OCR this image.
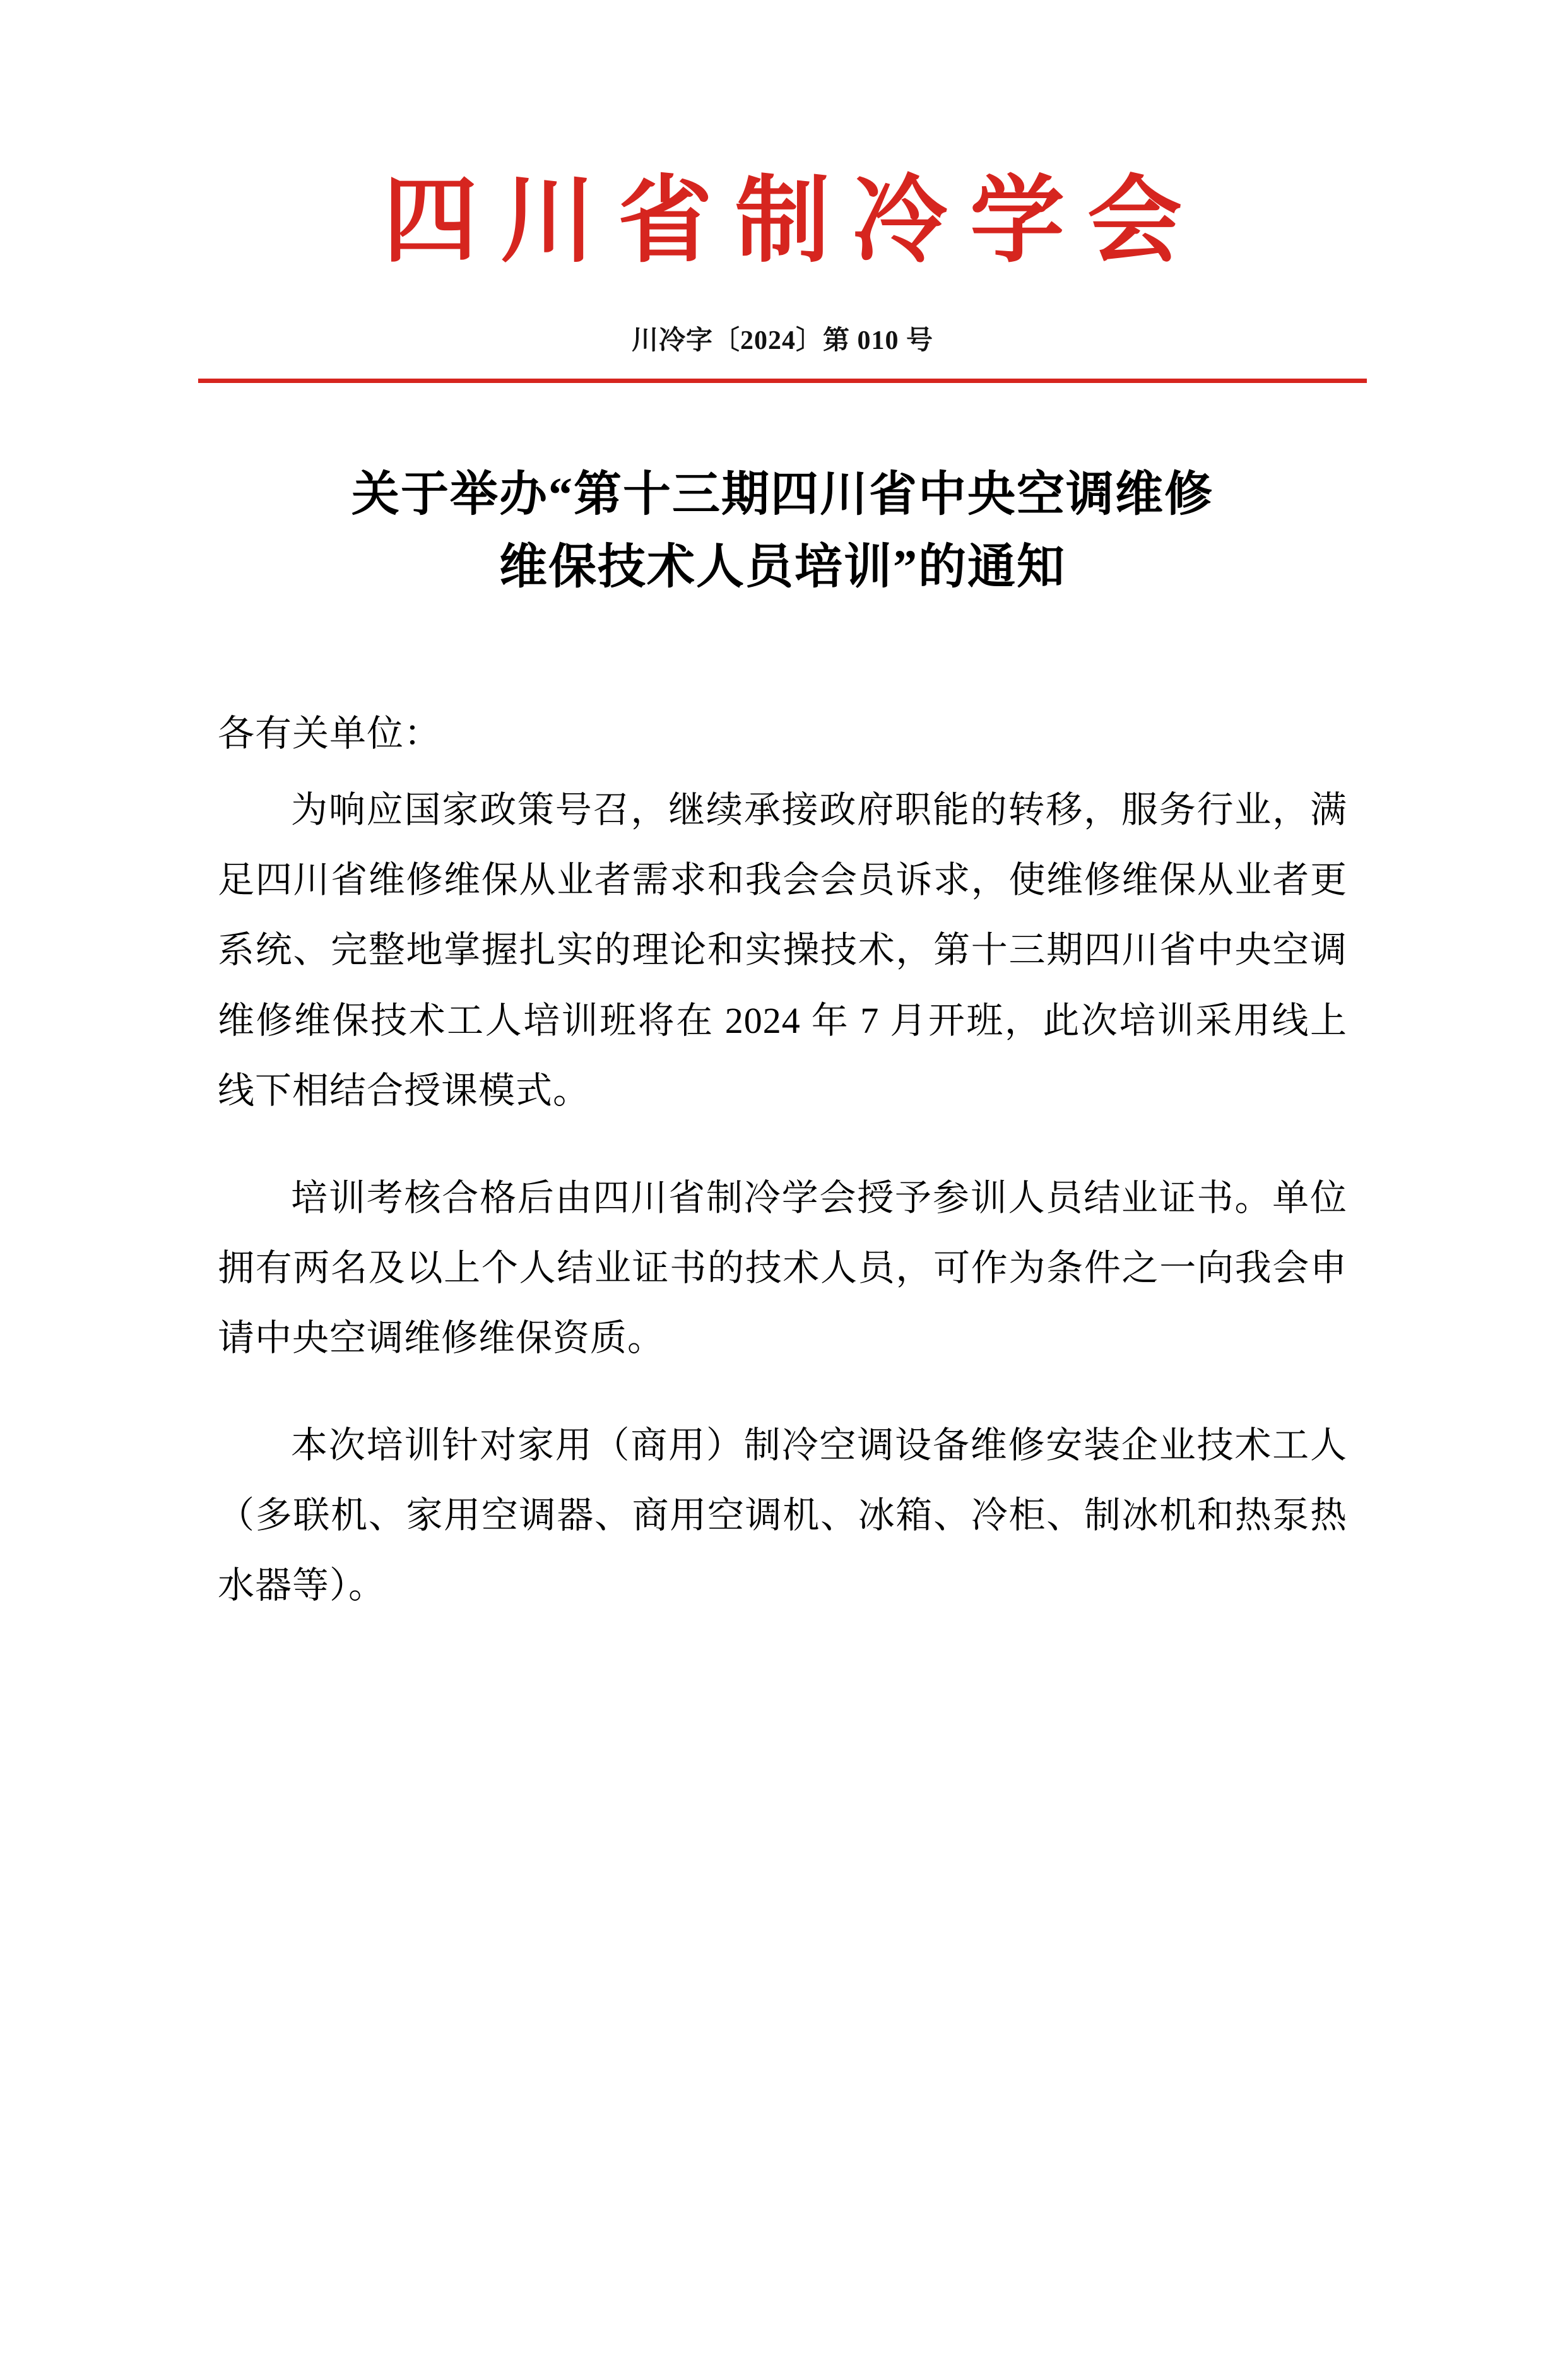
四川省制冷学会
川冷字〔2024〕第 010 号
关于举办“第十三期四川省中央空调维修
维保技术人员培训”的通知
各有关单位：

为响应国家政策号召，继续承接政府职能的转移，服务行业，满足四川省维修维保从业者需求和我会会员诉求，使维修维保从业者更系统、完整地掌握扎实的理论和实操技术，第十三期四川省中央空调维修维保技术工人培训班将在 2024 年 7 月开班，此次培训采用线上线下相结合授课模式。

培训考核合格后由四川省制冷学会授予参训人员结业证书。单位拥有两名及以上个人结业证书的技术人员，可作为条件之一向我会申请中央空调维修维保资质。

本次培训针对家用（商用）制冷空调设备维修安装企业技术工人（多联机、家用空调器、商用空调机、冰箱、冷柜、制冰机和热泵热水器等）。
